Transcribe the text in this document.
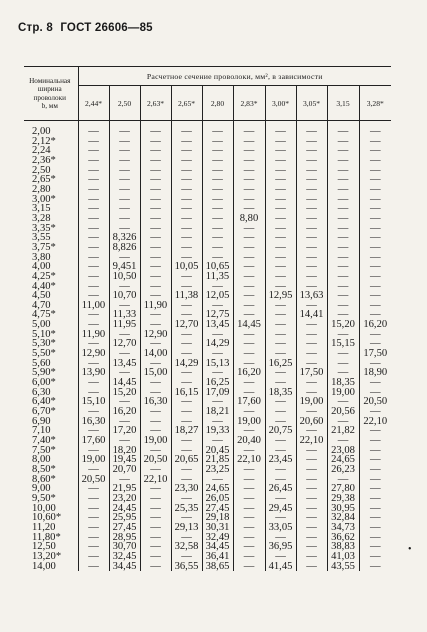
Стр. 8 ГОСТ 26606—85
Номинальная
ширина
проволоки
b, мм	Расчетное сечение проволоки, мм², в зависимости									
	2,44*	2,50	2,63*	2,65*	2,80	2,83*	3,00*	3,05*	3,15	3,28*

2,00	—	—	—	—	—	—	—	—	—	—
2,12*	—	—	—	—	—	—	—	—	—	—
2,24	—	—	—	—	—	—	—	—	—	—
2,36*	—	—	—	—	—	—	—	—	—	—
2,50	—	—	—	—	—	—	—	—	—	—
2,65*	—	—	—	—	—	—	—	—	—	—
2,80	—	—	—	—	—	—	—	—	—	—
3,00*	—	—	—	—	—	—	—	—	—	—
3,15	—	—	—	—	—	—	—	—	—	—
3,28	—	—	—	—	—	8,80	—	—	—	—
3,35*	—	—	—	—	—	—	—	—	—	—
3,55	—	8,326	—	—	—	—	—	—	—	—
3,75*	—	8,826	—	—	—	—	—	—	—	—
3,80	—	—	—	—	—	—	—	—	—	—
4,00	—	9,451	—	10,05	10,65	—	—	—	—	—
4,25*	—	10,50	—	—	11,35	—	—	—	—	—
4,40*	—	—	—	—	—	—	—	—	—	—
4,50	—	10,70	—	11,38	12,05	—	12,95	13,63	—	—
4,70	11,00	—	11,90	—	—	—	—	—	—	—
4,75*	—	11,33	—	—	12,75	—	—	14,41	—	—
5,00	—	11,95	—	12,70	13,45	14,45	—	—	15,20	16,20
5,10*	11,90	—	12,90	—	—	—	—	—	—	—
5,30*	—	12,70	—	—	14,29	—	—	—	15,15	—
5,50*	12,90	—	14,00	—	—	—	—	—	—	17,50
5,60	—	13,45	—	14,29	15,13	—	16,25	—	—	—
5,90*	13,90	—	15,00	—	—	16,20	—	17,50	—	18,90
6,00*	—	14,45	—	—	16,25	—	—	—	18,35	—
6,30	—	15,20	—	16,15	17,09	—	18,35	—	19,00	—
6,40*	15,10	—	16,30	—	—	17,60	—	19,00	—	20,50
6,70*	—	16,20	—	—	18,21	—	—	—	20,56	—
6,90	16,30	—	—	—	—	19,00	—	20,60	—	22,10
7,10	—	17,20	—	18,27	19,33	—	20,75	—	21,82	—
7,40*	17,60	—	19,00	—	—	20,40	—	22,10	—	—
7,50*	—	18,20	—	—	20,45	—	—	—	23,08	—
8,00	19,00	19,45	20,50	20,65	21,85	22,10	23,45	—	24,65	—
8,50*	—	20,70	—	—	23,25	—	—	—	26,23	—
8,60*	20,50	—	22,10	—	—	—	—	—	—	—
9,00	—	21,95	—	23,30	24,65	—	26,45	—	27,80	—
9,50*	—	23,20	—	—	26,05	—	—	—	29,38	—
10,00	—	24,45	—	25,35	27,45	—	29,45	—	30,95	—
10,60*	—	25,95	—	—	29,18	—	—	—	32,84	—
11,20	—	27,45	—	29,13	30,31	—	33,05	—	34,73	—
11,80*	—	28,95	—	—	32,49	—	—	—	36,62	—
12,50	—	30,70	—	32,58	34,45	—	36,95	—	38,83	—
13,20*	—	32,45	—	—	36,41	—	—	—	41,03	—
14,00	—	34,45	—	36,55	38,65	—	41,45	—	43,55	—
•
